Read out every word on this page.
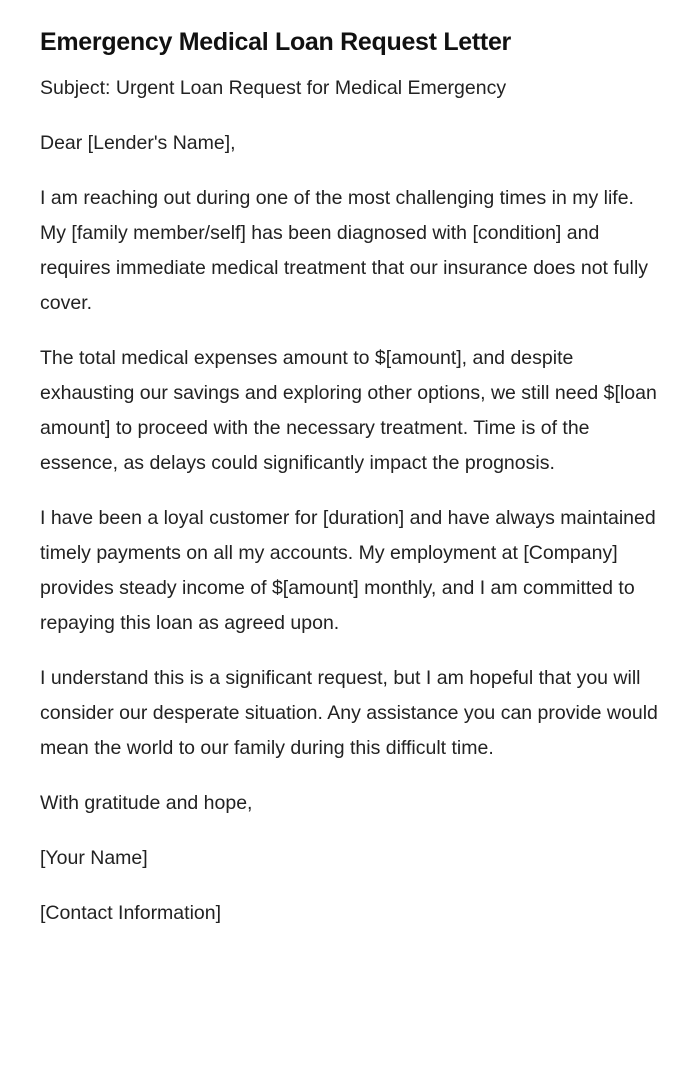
Emergency Medical Loan Request Letter

Subject: Urgent Loan Request for Medical Emergency

Dear [Lender's Name],

I am reaching out during one of the most challenging times in my life. My [family member/self] has been diagnosed with [condition] and requires immediate medical treatment that our insurance does not fully cover.

The total medical expenses amount to $[amount], and despite exhausting our savings and exploring other options, we still need $[loan amount] to proceed with the necessary treatment. Time is of the essence, as delays could significantly impact the prognosis.

I have been a loyal customer for [duration] and have always maintained timely payments on all my accounts. My employment at [Company] provides steady income of $[amount] monthly, and I am committed to repaying this loan as agreed upon.

I understand this is a significant request, but I am hopeful that you will consider our desperate situation. Any assistance you can provide would mean the world to our family during this difficult time.

With gratitude and hope,

[Your Name]

[Contact Information]
